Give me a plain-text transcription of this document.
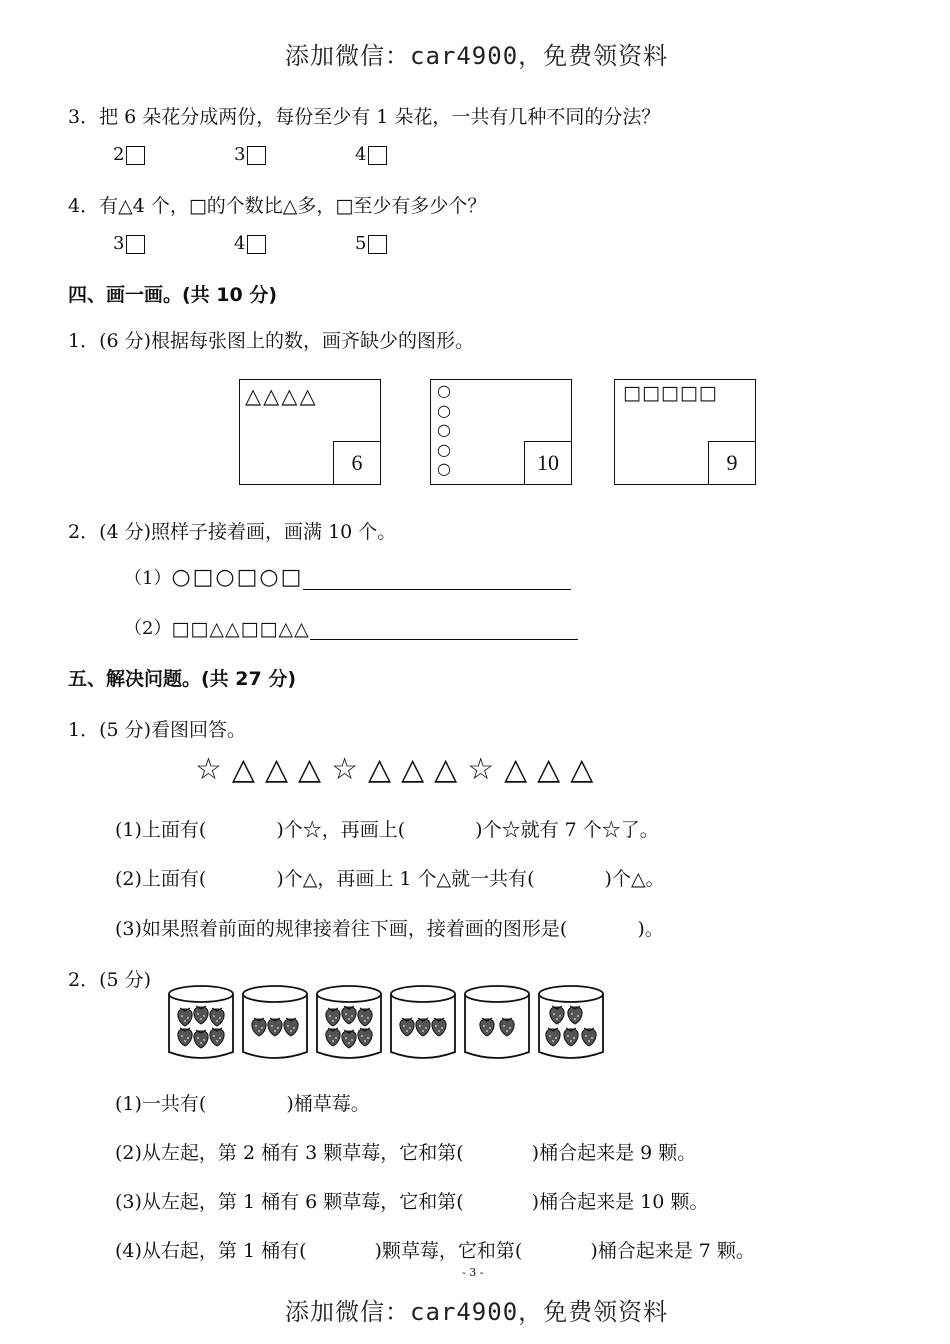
添加微信：car4900，免费领资料
3．把 6 朵花分成两份，每份至少有 1 朵花，一共有几种不同的分法？
2	3	4
4．有△4 个，□的个数比△多，□至少有多少个？
3	4	5
四、画一画。(共 10 分)
1．(6 分)根据每张图上的数，画齐缺少的图形。
△△△△
6
○○○○○	10
□□□□□
9
2．(4 分)照样子接着画，画满 10 个。
（1） ○□○□○□
（2） □□△△□□△△
五、解决问题。(共 27 分)
1．(5 分)看图回答。
☆△△△☆△△△☆△△△
(1)上面有(	)个☆，再画上(	)个☆就有 7 个☆了。
(2)上面有(	)个△，再画上 1 个△就一共有(	)个△。
(3)如果照着前面的规律接着往下画，接着画的图形是(	)。
2．(5 分)
(1)一共有(	)桶草莓。
(2)从左起，第 2 桶有 3 颗草莓，它和第(	)桶合起来是 9 颗。
(3)从左起，第 1 桶有 6 颗草莓，它和第(	)桶合起来是 10 颗。
(4)从右起，第 1 桶有(	)颗草莓，它和第(	)桶合起来是 7 颗。
- 3 -
添加微信：car4900，免费领资料
